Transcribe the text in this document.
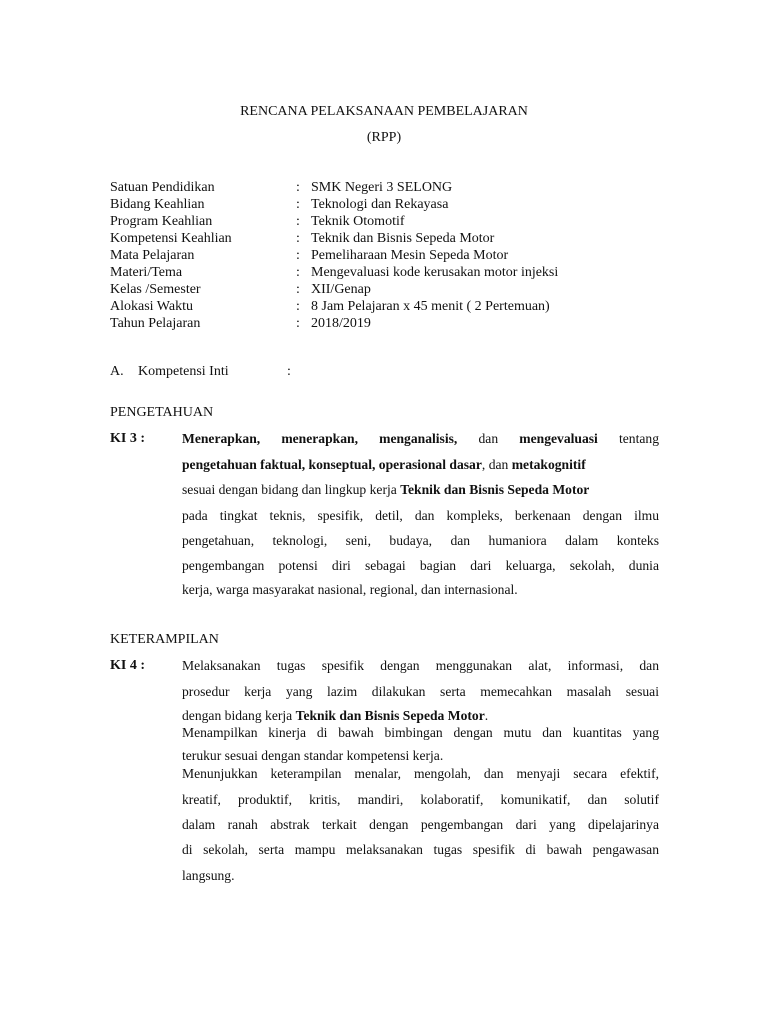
RENCANA PELAKSANAAN PEMBELAJARAN
(RPP)
Satuan Pendidikan	: SMK Negeri 3 SELONG
Bidang Keahlian	: Teknologi dan Rekayasa
Program Keahlian	: Teknik Otomotif
Kompetensi Keahlian	: Teknik dan Bisnis Sepeda Motor
Mata Pelajaran	: Pemeliharaan Mesin Sepeda Motor
Materi/Tema	: Mengevaluasi kode kerusakan motor injeksi
Kelas /Semester	: XII/Genap
Alokasi Waktu	: 8 Jam Pelajaran x 45 menit ( 2 Pertemuan)
Tahun Pelajaran	: 2018/2019
A. Kompetensi Inti	:
PENGETAHUAN
KI 3 :	Menerapkan, menerapkan, menganalisis, dan mengevaluasi tentang
pengetahuan faktual, konseptual, operasional dasar, dan metakognitif
sesuai dengan bidang dan lingkup kerja Teknik dan Bisnis Sepeda Motor
pada tingkat teknis, spesifik, detil, dan kompleks, berkenaan dengan ilmu
pengetahuan, teknologi, seni, budaya, dan humaniora dalam konteks
pengembangan potensi diri sebagai bagian dari keluarga, sekolah, dunia
kerja, warga masyarakat nasional, regional, dan internasional.
KETERAMPILAN
KI 4 :	Melaksanakan tugas spesifik dengan menggunakan alat, informasi, dan
prosedur kerja yang lazim dilakukan serta memecahkan masalah sesuai
dengan bidang kerja Teknik dan Bisnis Sepeda Motor.
Menampilkan kinerja di bawah bimbingan dengan mutu dan kuantitas yang
terukur sesuai dengan standar kompetensi kerja.
Menunjukkan keterampilan menalar, mengolah, dan menyaji secara efektif,
kreatif, produktif, kritis, mandiri, kolaboratif, komunikatif, dan solutif
dalam ranah abstrak terkait dengan pengembangan dari yang dipelajarinya
di sekolah, serta mampu melaksanakan tugas spesifik di bawah pengawasan
langsung.
